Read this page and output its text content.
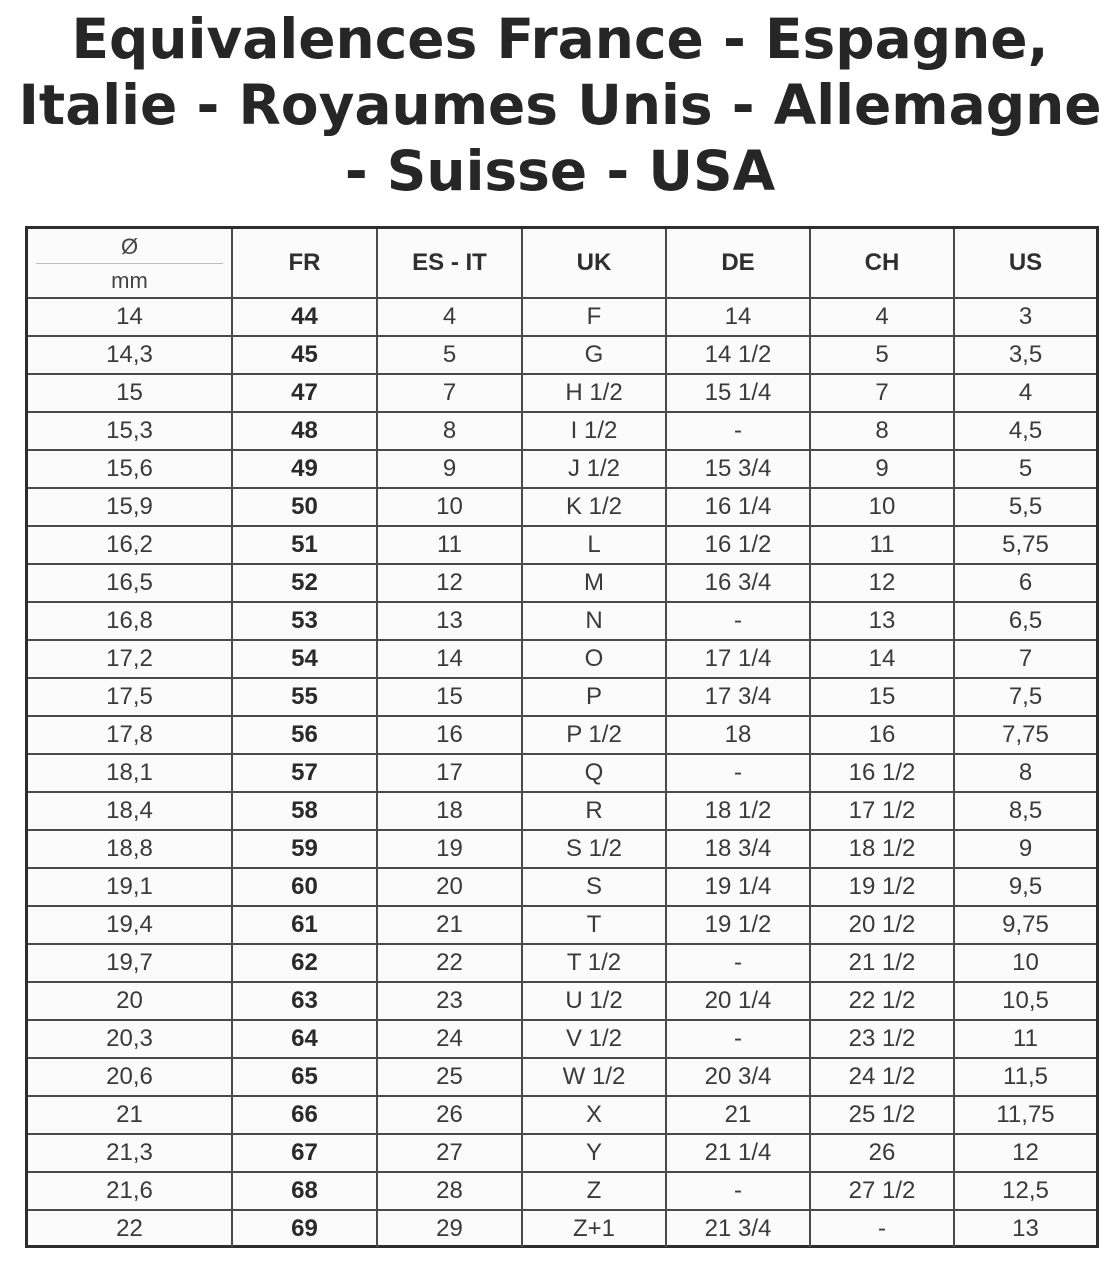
Equivalences France - Espagne,
Italie - Royaumes Unis - Allemagne
- Suisse - USA
Ø
mm	FR	ES - IT	UK	DE	CH	US
14	44	4	F	14	4	3
14,3	45	5	G	14 1/2	5	3,5
15	47	7	H 1/2	15 1/4	7	4
15,3	48	8	I 1/2	-	8	4,5
15,6	49	9	J 1/2	15 3/4	9	5
15,9	50	10	K 1/2	16 1/4	10	5,5
16,2	51	11	L	16 1/2	11	5,75
16,5	52	12	M	16 3/4	12	6
16,8	53	13	N	-	13	6,5
17,2	54	14	O	17 1/4	14	7
17,5	55	15	P	17 3/4	15	7,5
17,8	56	16	P 1/2	18	16	7,75
18,1	57	17	Q	-	16 1/2	8
18,4	58	18	R	18 1/2	17 1/2	8,5
18,8	59	19	S 1/2	18 3/4	18 1/2	9
19,1	60	20	S	19 1/4	19 1/2	9,5
19,4	61	21	T	19 1/2	20 1/2	9,75
19,7	62	22	T 1/2	-	21 1/2	10
20	63	23	U 1/2	20 1/4	22 1/2	10,5
20,3	64	24	V 1/2	-	23 1/2	11
20,6	65	25	W 1/2	20 3/4	24 1/2	11,5
21	66	26	X	21	25 1/2	11,75
21,3	67	27	Y	21 1/4	26	12
21,6	68	28	Z	-	27 1/2	12,5
22	69	29	Z+1	21 3/4	-	13
